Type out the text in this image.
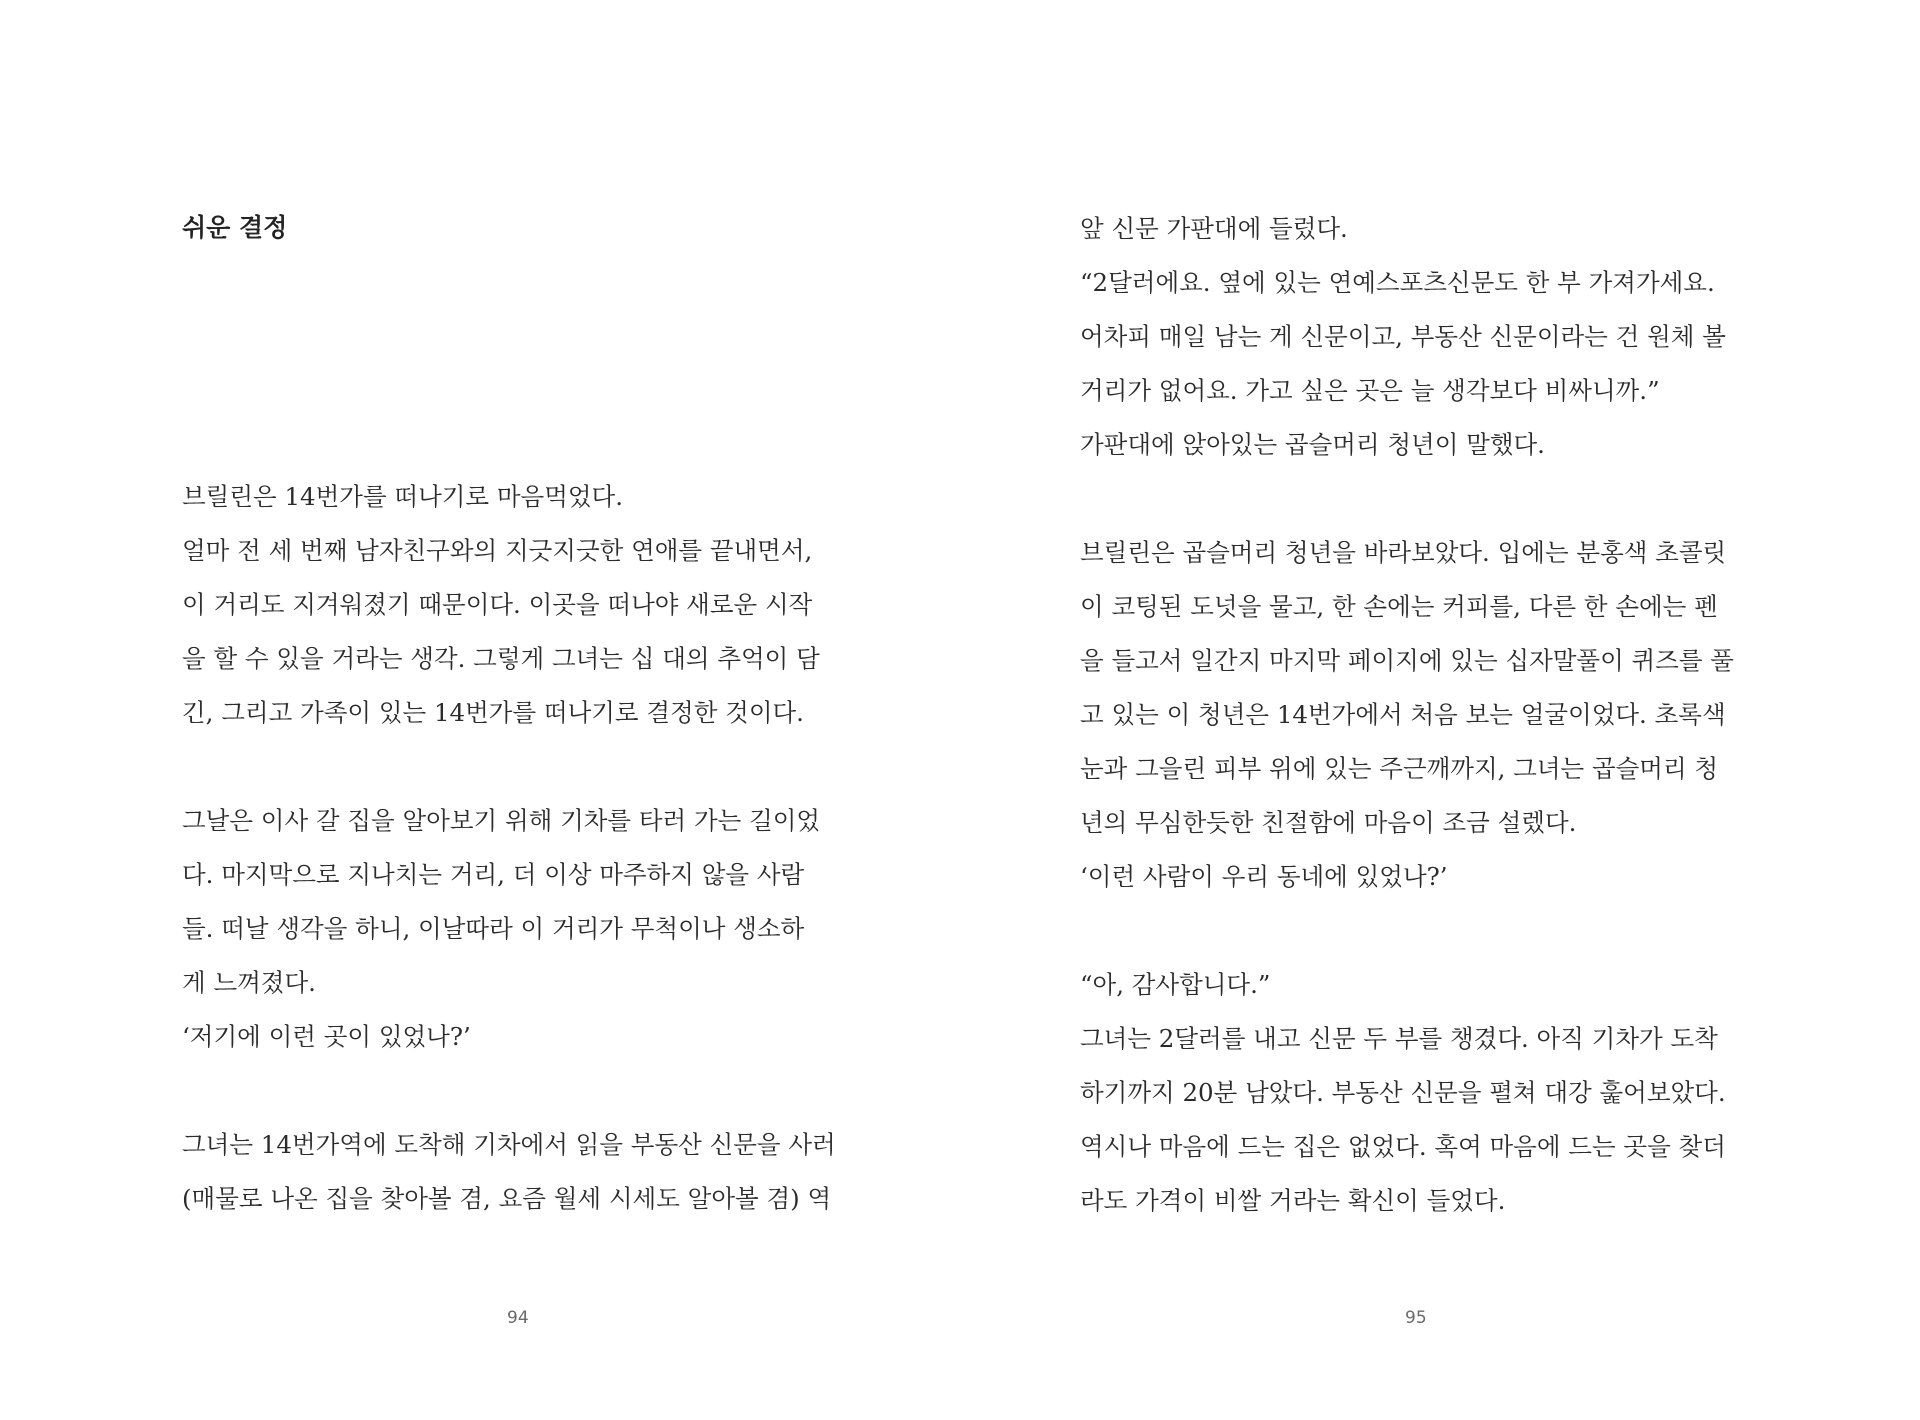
쉬운 결정
브릴린은 14번가를 떠나기로 마음먹었다.
얼마 전 세 번째 남자친구와의 지긋지긋한 연애를 끝내면서,
이 거리도 지겨워졌기 때문이다. 이곳을 떠나야 새로운 시작
을 할 수 있을 거라는 생각. 그렇게 그녀는 십 대의 추억이 담
긴, 그리고 가족이 있는 14번가를 떠나기로 결정한 것이다.
그날은 이사 갈 집을 알아보기 위해 기차를 타러 가는 길이었
다. 마지막으로 지나치는 거리, 더 이상 마주하지 않을 사람
들. 떠날 생각을 하니, 이날따라 이 거리가 무척이나 생소하
게 느껴졌다.
‘저기에 이런 곳이 있었나?’
그녀는 14번가역에 도착해 기차에서 읽을 부동산 신문을 사러
(매물로 나온 집을 찾아볼 겸, 요즘 월세 시세도 알아볼 겸) 역
94
앞 신문 가판대에 들렀다.
“2달러에요. 옆에 있는 연예스포츠신문도 한 부 가져가세요.
어차피 매일 남는 게 신문이고, 부동산 신문이라는 건 원체 볼
거리가 없어요. 가고 싶은 곳은 늘 생각보다 비싸니까.”
가판대에 앉아있는 곱슬머리 청년이 말했다.
브릴린은 곱슬머리 청년을 바라보았다. 입에는 분홍색 초콜릿
이 코팅된 도넛을 물고, 한 손에는 커피를, 다른 한 손에는 펜
을 들고서 일간지 마지막 페이지에 있는 십자말풀이 퀴즈를 풀
고 있는 이 청년은 14번가에서 처음 보는 얼굴이었다. 초록색
눈과 그을린 피부 위에 있는 주근깨까지, 그녀는 곱슬머리 청
년의 무심한듯한 친절함에 마음이 조금 설렜다.
‘이런 사람이 우리 동네에 있었나?’
“아, 감사합니다.”
그녀는 2달러를 내고 신문 두 부를 챙겼다. 아직 기차가 도착
하기까지 20분 남았다. 부동산 신문을 펼쳐 대강 훑어보았다.
역시나 마음에 드는 집은 없었다. 혹여 마음에 드는 곳을 찾더
라도 가격이 비쌀 거라는 확신이 들었다.
95
